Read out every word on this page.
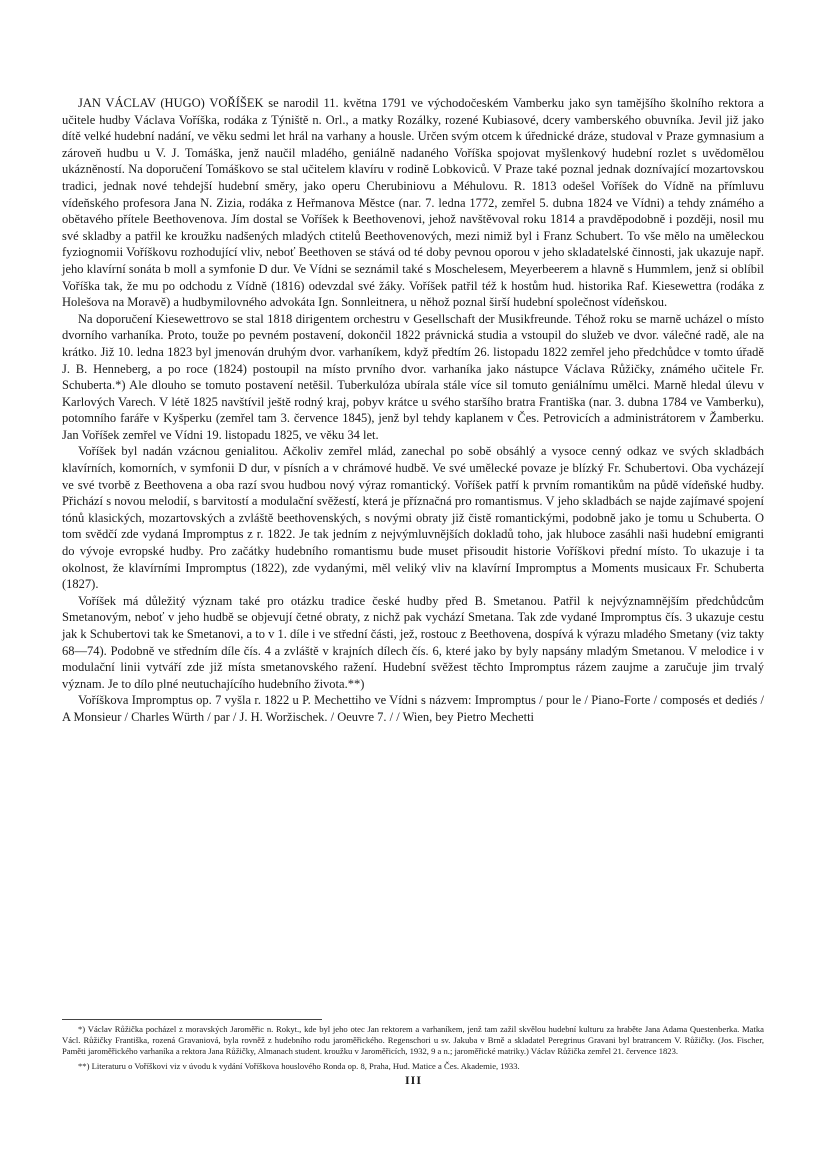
JAN VÁCLAV (HUGO) VOŘÍŠEK se narodil 11. května 1791 ve východočeském Vamberku jako syn tamějšího školního rektora a učitele hudby Václava Voříška, rodáka z Týniště n. Orl., a matky Rozálky, rozené Kubiasové, dcery vamberského obuvníka. Jevil již jako dítě velké hudební nadání, ve věku sedmi let hrál na varhany a housle. Určen svým otcem k úřednické dráze, studoval v Praze gymnasium a zároveň hudbu u V. J. Tomáška, jenž naučil mladého, geniálně nadaného Voříška spojovat myšlenkový hudební rozlet s uvědomělou ukázněností. Na doporučení Tomáškovo se stal učitelem klavíru v rodině Lobkoviců. V Praze také poznal jednak doznívající mozartovskou tradici, jednak nové tehdejší hudební směry, jako operu Cherubiniovu a Méhulovu. R. 1813 odešel Voříšek do Vídně na přímluvu vídeňského profesora Jana N. Zizia, rodáka z Heřmanova Městce (nar. 7. ledna 1772, zemřel 5. dubna 1824 ve Vídni) a tehdy známého a obětavého přítele Beethovenova. Jím dostal se Voříšek k Beethovenovi, jehož navštěvoval roku 1814 a pravděpodobně i později, nosil mu své skladby a patřil ke kroužku nadšených mladých ctitelů Beethovenových, mezi nimiž byl i Franz Schubert. To vše mělo na uměleckou fyziognomii Voříškovu rozhodující vliv, neboť Beethoven se stává od té doby pevnou oporou v jeho skladatelské činnosti, jak ukazuje např. jeho klavírní sonáta b moll a symfonie D dur. Ve Vídni se seznámil také s Moschelesem, Meyerbeerem a hlavně s Hummlem, jenž si oblíbil Voříška tak, že mu po odchodu z Vídně (1816) odevzdal své žáky. Voříšek patřil též k hostům hud. historika Raf. Kiesewettra (rodáka z Holešova na Moravě) a hudbymilovného advokáta Ign. Sonnleitnera, u něhož poznal širší hudební společnost vídeňskou.

Na doporučení Kiesewettrovo se stal 1818 dirigentem orchestru v Gesellschaft der Musikfreunde. Téhož roku se marně ucházel o místo dvorního varhaníka. Proto, touže po pevném postavení, dokončil 1822 právnická studia a vstoupil do služeb ve dvor. válečné radě, ale na krátko. Již 10. ledna 1823 byl jmenován druhým dvor. varhaníkem, když předtím 26. listopadu 1822 zemřel jeho předchůdce v tomto úřadě J. B. Henneberg, a po roce (1824) postoupil na místo prvního dvor. varhaníka jako nástupce Václava Růžičky, známého učitele Fr. Schuberta.*) Ale dlouho se tomuto postavení netěšil. Tuberkulóza ubírala stále více sil tomuto geniálnímu umělci. Marně hledal úlevu v Karlových Varech. V létě 1825 navštívil ještě rodný kraj, pobyv krátce u svého staršího bratra Františka (nar. 3. dubna 1784 ve Vamberku), potomního faráře v Kyšperku (zemřel tam 3. července 1845), jenž byl tehdy kaplanem v Čes. Petrovicích a administrátorem v Žamberku. Jan Voříšek zemřel ve Vídni 19. listopadu 1825, ve věku 34 let.

Voříšek byl nadán vzácnou genialitou. Ačkoliv zemřel mlád, zanechal po sobě obsáhlý a vysoce cenný odkaz ve svých skladbách klavírních, komorních, v symfonii D dur, v písních a v chrámové hudbě. Ve své umělecké povaze je blízký Fr. Schubertovi. Oba vycházejí ve své tvorbě z Beethovena a oba razí svou hudbou nový výraz romantický. Voříšek patří k prvním romantikům na půdě vídeňské hudby. Přichází s novou melodií, s barvitostí a modulační svěžestí, která je příznačná pro romantismus. V jeho skladbách se najde zajímavé spojení tónů klasických, mozartovských a zvláště beethovenských, s novými obraty již čistě romantickými, podobně jako je tomu u Schuberta. O tom svědčí zde vydaná Impromptus z r. 1822. Je tak jedním z nejvýmluvnějších dokladů toho, jak hluboce zasáhli naši hudební emigranti do vývoje evropské hudby. Pro začátky hudebního romantismu bude muset přisoudit historie Voříškovi přední místo. To ukazuje i ta okolnost, že klavírními Impromptus (1822), zde vydanými, měl veliký vliv na klavírní Impromptus a Moments musicaux Fr. Schuberta (1827).

Voříšek má důležitý význam také pro otázku tradice české hudby před B. Smetanou. Patřil k nejvýznamnějším předchůdcům Smetanovým, neboť v jeho hudbě se objevují četné obraty, z nichž pak vychází Smetana. Tak zde vydané Impromptus čís. 3 ukazuje cestu jak k Schubertovi tak ke Smetanovi, a to v 1. díle i ve střední části, jež, rostouc z Beethovena, dospívá k výrazu mladého Smetany (viz takty 68—74). Podobně ve středním díle čís. 4 a zvláště v krajních dílech čís. 6, které jako by byly napsány mladým Smetanou. V melodice i v modulační linii vytváří zde již místa smetanovského ražení. Hudební svěžest těchto Impromptus rázem zaujme a zaručuje jim trvalý význam. Je to dílo plné neutuchajícího hudebního života.**)

Voříškova Impromptus op. 7 vyšla r. 1822 u P. Mechettiho ve Vídni s názvem: Impromptus / pour le / Piano-Forte / composés et dediés / A Monsieur / Charles Würth / par / J. H. Woržischek. / Oeuvre 7. / / Wien, bey Pietro Mechetti

*) Václav Růžička pocházel z moravských Jaroměřic n. Rokyt., kde byl jeho otec Jan rektorem a varhaníkem, jenž tam zažil skvělou hudební kulturu za hraběte Jana Adama Questenberka. Matka Václ. Růžičky Františka, rozená Gravaniová, byla rovněž z hudebního rodu jaroměřického. Regenschori u sv. Jakuba v Brně a skladatel Peregrinus Gravani byl bratrancem V. Růžičky. (Jos. Fischer, Paměti jaroměřického varhaníka a rektora Jana Růžičky, Almanach student. kroužku v Jaroměřicích, 1932, 9 a n.; jaroměřické matriky.) Václav Růžička zemřel 21. července 1823.

**) Literaturu o Voříškovi viz v úvodu k vydání Voříškova houslového Ronda op. 8, Praha, Hud. Matice a Čes. Akademie, 1933.

III
